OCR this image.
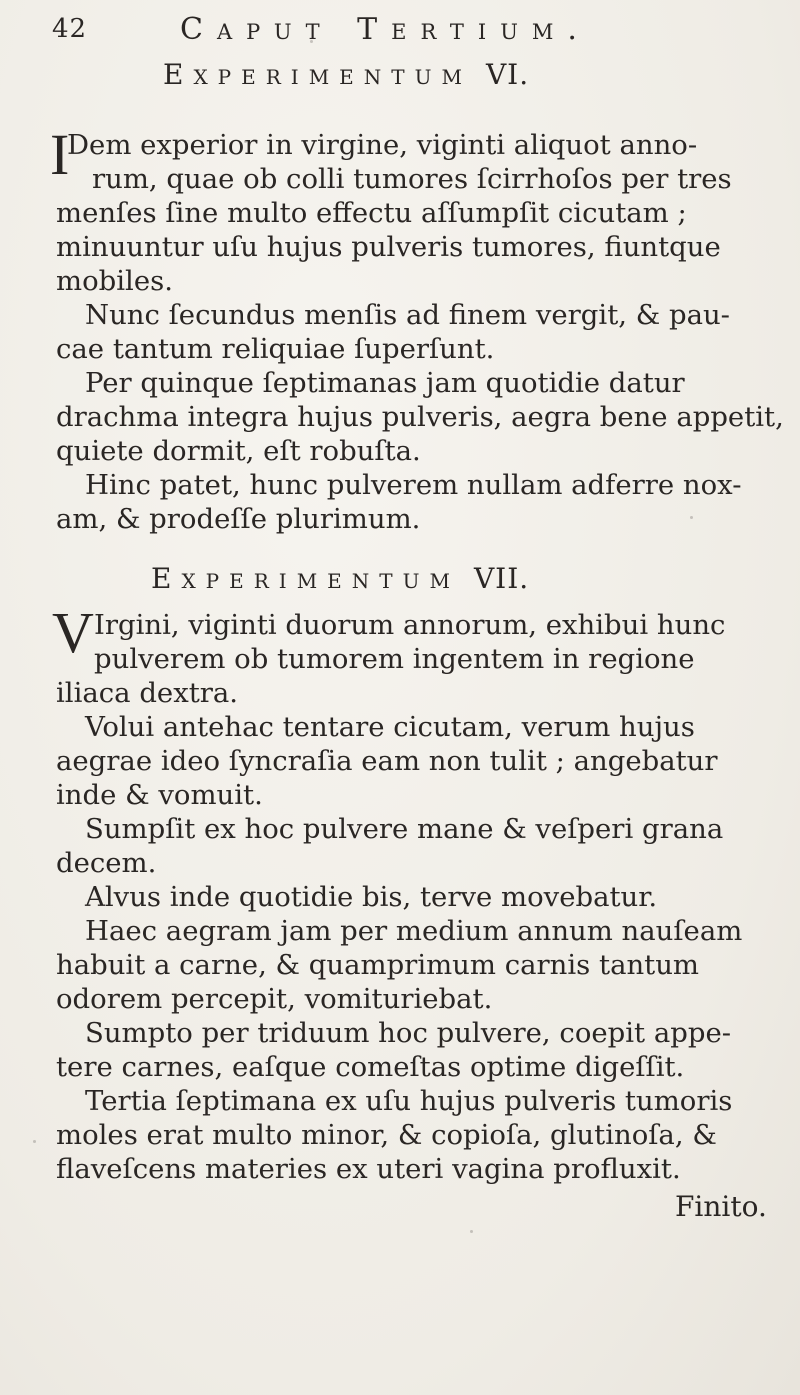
42	Caput Tertium.
Experimentum VI.
I
Dem experior in virgine, viginti aliquot anno-
rum, quae ob colli tumores ſcirrhoſos per tres
menſes ſine multo effectu aſſumpſit cicutam ;
minuuntur uſu hujus pulveris tumores, fiuntque
mobiles.
Nunc ſecundus menſis ad finem vergit, & pau-
cae tantum reliquiae ſuperſunt.
Per quinque ſeptimanas jam quotidie datur
drachma integra hujus pulveris, aegra bene appetit,
quiete dormit, eſt robuſta.
Hinc patet, hunc pulverem nullam adferre nox-
am, & prodeſſe plurimum.
Experimentum VII.
V Irgini, viginti duorum annorum, exhibui hunc
pulverem ob tumorem ingentem in regione
iliaca dextra.
Volui antehac tentare cicutam, verum hujus
aegrae ideo ſyncraſia eam non tulit ; angebatur
inde & vomuit.
Sumpſit ex hoc pulvere mane & veſperi grana
decem.
Alvus inde quotidie bis, terve movebatur.
Haec aegram jam per medium annum nauſeam
habuit a carne, & quamprimum carnis tantum
odorem percepit, vomituriebat.
Sumpto per triduum hoc pulvere, coepit appe-
tere carnes, eaſque comeſtas optime digeſſit.
Tertia ſeptimana ex uſu hujus pulveris tumoris
moles erat multo minor, & copioſa, glutinoſa, &
flaveſcens materies ex uteri vagina profluxit.
Finito.
